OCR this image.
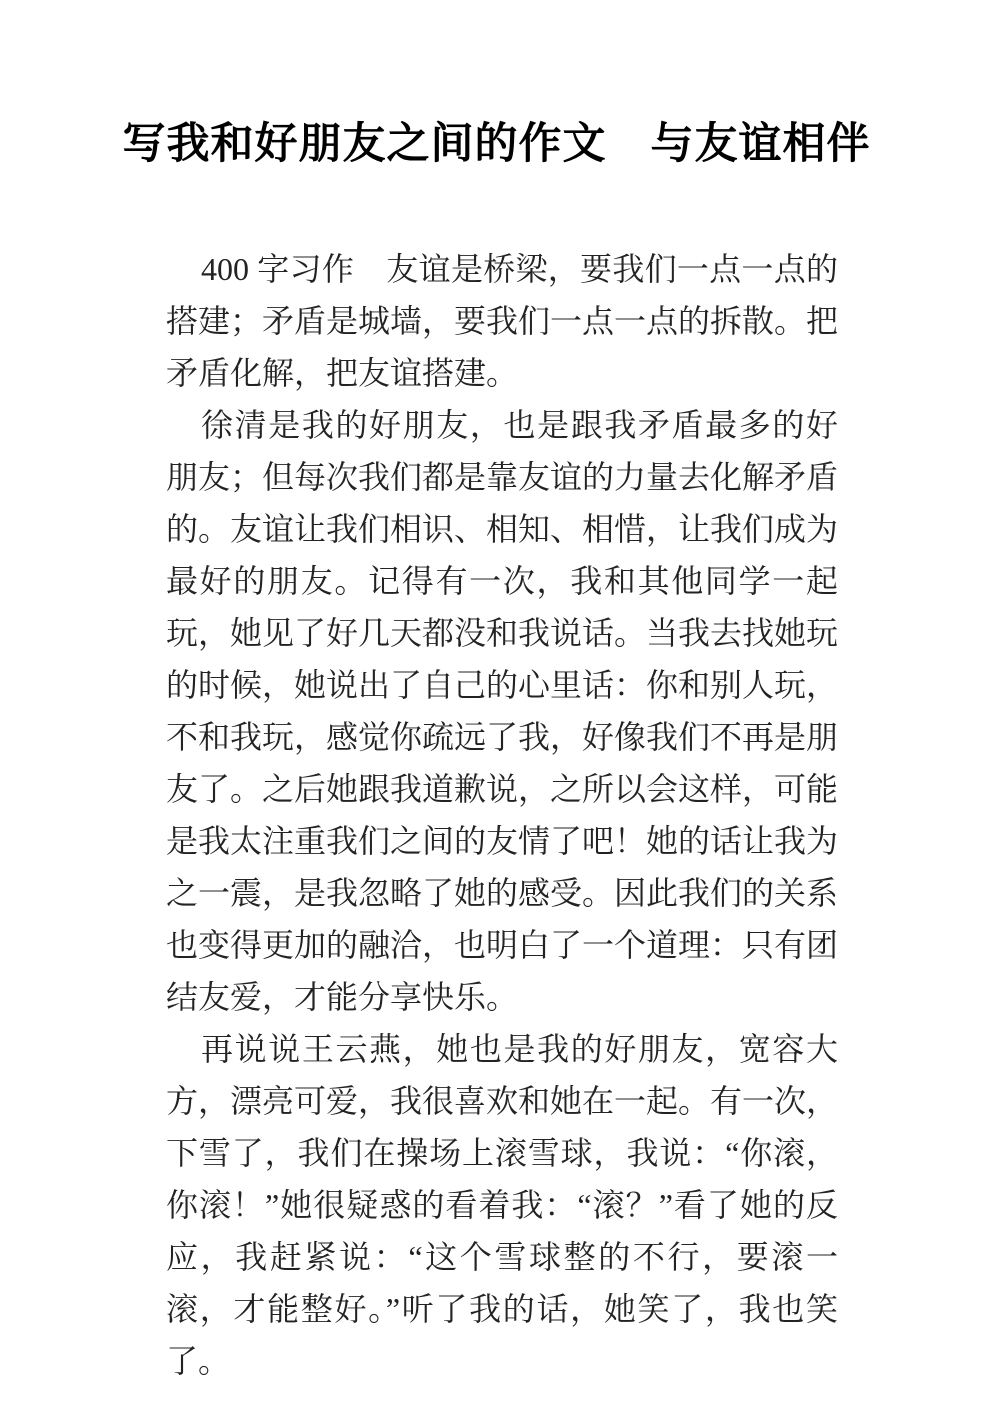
写我和好朋友之间的作文　与友谊相伴

400 字习作　友谊是桥梁，要我们一点一点的搭建；矛盾是城墙，要我们一点一点的拆散。把矛盾化解，把友谊搭建。

徐清是我的好朋友，也是跟我矛盾最多的好朋友；但每次我们都是靠友谊的力量去化解矛盾的。友谊让我们相识、相知、相惜，让我们成为最好的朋友。记得有一次，我和其他同学一起玩，她见了好几天都没和我说话。当我去找她玩的时候，她说出了自己的心里话：你和别人玩，不和我玩，感觉你疏远了我，好像我们不再是朋友了。之后她跟我道歉说，之所以会这样，可能是我太注重我们之间的友情了吧！她的话让我为之一震，是我忽略了她的感受。因此我们的关系也变得更加的融洽，也明白了一个道理：只有团结友爱，才能分享快乐。

再说说王云燕，她也是我的好朋友，宽容大方，漂亮可爱，我很喜欢和她在一起。有一次，下雪了，我们在操场上滚雪球，我说：“你滚，你滚！”她很疑惑的看着我：“滚？”看了她的反应，我赶紧说：“这个雪球整的不行，要滚一滚，才能整好。”听了我的话，她笑了，我也笑了。
